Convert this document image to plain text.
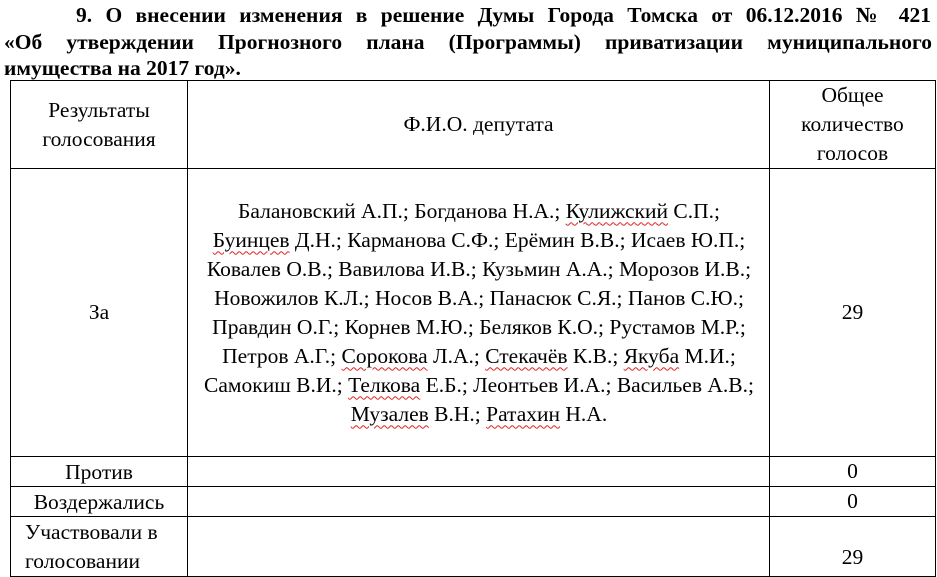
9. О внесении изменения в решение Думы Города Томска от 06.12.2016 № 421
«Об утверждении Прогнозного плана (Программы) приватизации муниципального
имущества на 2017 год».
Результаты голосования	Ф.И.О. депутата	Общее количество голосов
За	Балановский А.П.; Богданова Н.А.; Кулижский С.П.; Буинцев Д.Н.; Карманова С.Ф.; Ерёмин В.В.; Исаев Ю.П.; Ковалев О.В.; Вавилова И.В.; Кузьмин А.А.; Морозов И.В.; Новожилов К.Л.; Носов В.А.; Панасюк С.Я.; Панов С.Ю.; Правдин О.Г.; Корнев М.Ю.; Беляков К.О.; Рустамов М.Р.; Петров А.Г.; Сорокова Л.А.; Стекачёв К.В.; Якуба М.И.; Самокиш В.И.; Телкова Е.Б.; Леонтьев И.А.; Васильев А.В.; Музалев В.Н.; Ратахин Н.А.	29
Против		0
Воздержались		0
Участвовали в голосовании		29
